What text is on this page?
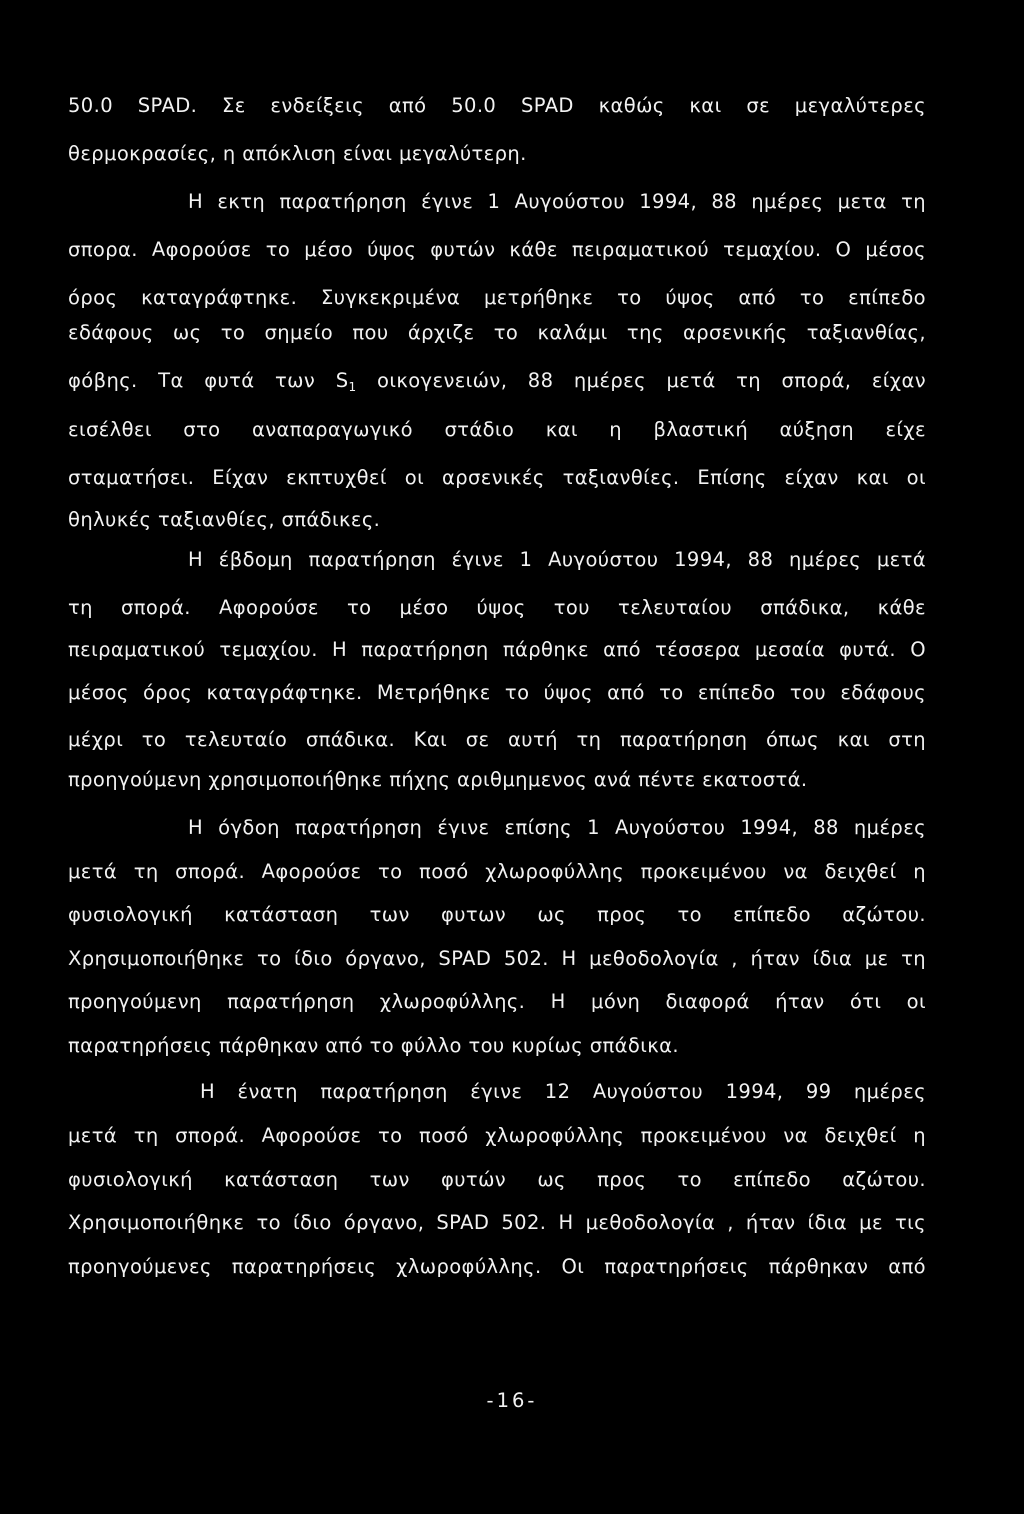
50.0 SPAD. Σε ενδείξεις από 50.0 SPAD καθώς και σε μεγαλύτερες
θερμοκρασίες, η απόκλιση είναι μεγαλύτερη.
Η εκτη παρατήρηση έγινε 1 Αυγούστου 1994, 88 ημέρες μετα τη
σπορα. Αφορούσε το μέσο ύψος φυτών κάθε πειραματικού τεμαχίου. Ο μέσος
όρος καταγράφτηκε. Συγκεκριμένα μετρήθηκε το ύψος από το επίπεδο
εδάφους ως το σημείο που άρχιζε το καλάμι της αρσενικής ταξιανθίας,
φόβης. Τα φυτά των $S_1$ οικογενειών, 88 ημέρες μετά τη σπορά, είχαν
εισέλθει στο αναπαραγωγικό στάδιο και η βλαστική αύξηση είχε
σταματήσει. Είχαν εκπτυχθεί οι αρσενικές ταξιανθίες. Επίσης είχαν και οι
θηλυκές ταξιανθίες, σπάδικες.
Η έβδομη παρατήρηση έγινε 1 Αυγούστου 1994, 88 ημέρες μετά
τη σπορά. Αφορούσε το μέσο ύψος του τελευταίου σπάδικα, κάθε
πειραματικού τεμαχίου. Η παρατήρηση πάρθηκε από τέσσερα μεσαία φυτά. Ο
μέσος όρος καταγράφτηκε. Μετρήθηκε το ύψος από το επίπεδο του εδάφους
μέχρι το τελευταίο σπάδικα. Και σε αυτή τη παρατήρηση όπως και στη
προηγούμενη χρησιμοποιήθηκε πήχης αριθμημενος ανά πέντε εκατοστά.
Η όγδοη παρατήρηση έγινε επίσης 1 Αυγούστου 1994, 88 ημέρες
μετά τη σπορά. Αφορούσε το ποσό χλωροφύλλης προκειμένου να δειχθεί η
φυσιολογική κατάσταση των φυτων ως προς το επίπεδο αζώτου.
Χρησιμοποιήθηκε το ίδιο όργανο, SPAD 502. Η μεθοδολογία , ήταν ίδια με τη
προηγούμενη παρατήρηση χλωροφύλλης. Η μόνη διαφορά ήταν ότι οι
παρατηρήσεις πάρθηκαν από το φύλλο του κυρίως σπάδικα.
Η ένατη παρατήρηση έγινε 12 Αυγούστου 1994, 99 ημέρες
μετά τη σπορά. Αφορούσε το ποσό χλωροφύλλης προκειμένου να δειχθεί η
φυσιολογική κατάσταση των φυτών ως προς το επίπεδο αζώτου.
Χρησιμοποιήθηκε το ίδιο όργανο, SPAD 502. Η μεθοδολογία , ήταν ίδια με τις
προηγούμενες παρατηρήσεις χλωροφύλλης. Οι παρατηρήσεις πάρθηκαν από
-16-
